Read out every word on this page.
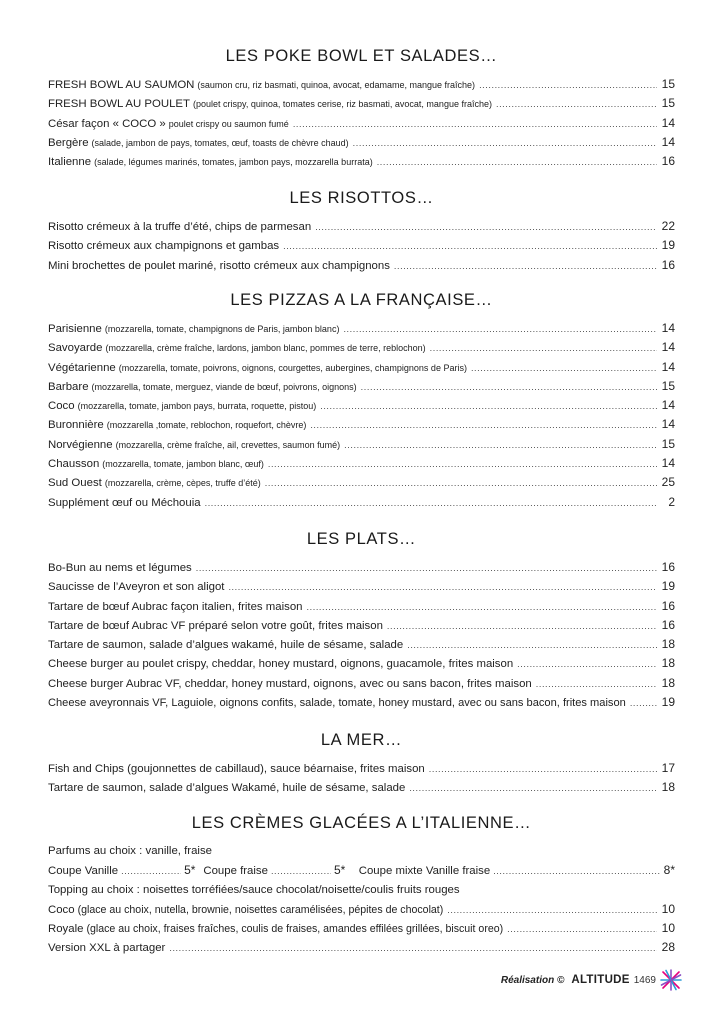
LES POKE BOWL ET SALADES…
FRESH BOWL AU SAUMON (saumon cru, riz basmati, quinoa, avocat, edamame, mangue fraîche) .....	15
FRESH BOWL AU POULET (poulet crispy, quinoa, tomates cerise, riz basmati, avocat, mangue fraîche) .....	15
César façon « COCO » poulet crispy ou saumon fumé .....	14
Bergère (salade, jambon de pays, tomates, œuf, toasts de chèvre chaud) .....	14
Italienne (salade, légumes marinés, tomates, jambon pays, mozzarella burrata) .....	16
LES RISOTTOS…
Risotto crémeux à la truffe d’été, chips de parmesan .....	22
Risotto crémeux aux champignons et gambas .....	19
Mini brochettes de poulet mariné, risotto crémeux aux champignons .....	16
LES PIZZAS A LA FRANÇAISE…
Parisienne (mozzarella, tomate, champignons de Paris, jambon blanc) .....	14
Savoyarde (mozzarella, crème fraîche, lardons, jambon blanc, pommes de terre, reblochon) .....	14
Végétarienne (mozzarella, tomate, poivrons, oignons, courgettes, aubergines, champignons de Paris) .....	14
Barbare (mozzarella, tomate, merguez, viande de bœuf, poivrons, oignons) .....	15
Coco (mozzarella, tomate, jambon pays, burrata, roquette, pistou) .....	14
Buronnière (mozzarella ,tomate, reblochon, roquefort, chèvre) .....	14
Norvégienne (mozzarella, crème fraîche, ail, crevettes, saumon fumé) .....	15
Chausson (mozzarella, tomate, jambon blanc, œuf) .....	14
Sud Ouest (mozzarella, crème, cèpes, truffe d’été) .....	25
Supplément œuf ou Méchouia .....	2
LES PLATS…
Bo-Bun au nems et légumes .....	16
Saucisse de l’Aveyron et son aligot .....	19
Tartare de bœuf Aubrac façon italien, frites maison .....	16
Tartare de bœuf Aubrac VF préparé selon votre goût, frites maison .....	16
Tartare de saumon, salade d’algues wakamé, huile de sésame, salade .....	18
Cheese burger au poulet crispy, cheddar, honey mustard, oignons, guacamole, frites maison .....	18
Cheese burger Aubrac VF, cheddar, honey mustard, oignons, avec ou sans bacon, frites maison .....	18
Cheese aveyronnais VF, Laguiole, oignons confits, salade, tomate, honey mustard, avec ou sans bacon, frites maison .....	19
LA MER…
Fish and Chips (goujonnettes de cabillaud), sauce béarnaise, frites maison .....	17
Tartare de saumon, salade d’algues Wakamé, huile de sésame, salade .....	18
LES CRÈMES GLACÉES A L’ITALIENNE…
Parfums au choix : vanille, fraise
Coupe Vanille .....	5* Coupe fraise .....	5* Coupe mixte Vanille fraise .....	8*
Topping au choix : noisettes torréfiées/sauce chocolat/noisette/coulis fruits rouges
Coco (glace au choix, nutella, brownie, noisettes caramélisées, pépites de chocolat) .....	10
Royale (glace au choix, fraises fraîches, coulis de fraises, amandes effilées grillées, biscuit oreo) .....	10
Version XXL à partager .....	28
Réalisation © ALTITUDE 1469
